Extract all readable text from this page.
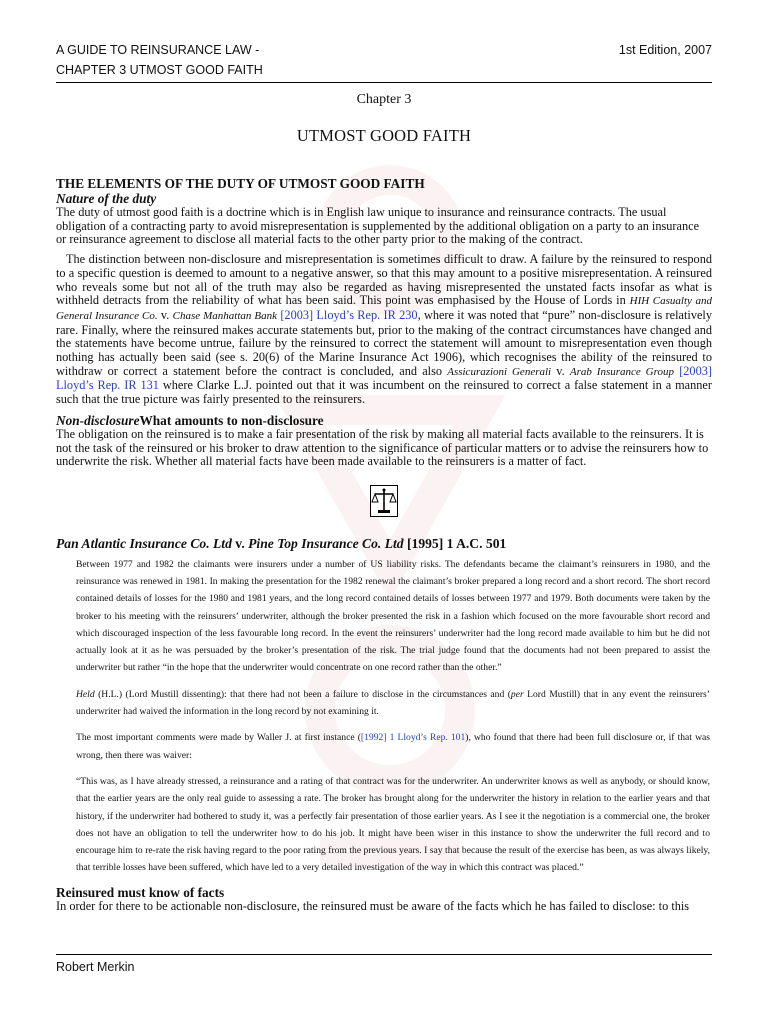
A GUIDE TO REINSURANCE LAW -
CHAPTER 3 UTMOST GOOD FAITH
1st Edition, 2007
Chapter 3
UTMOST GOOD FAITH
THE ELEMENTS OF THE DUTY OF UTMOST GOOD FAITH
Nature of the duty

The duty of utmost good faith is a doctrine which is in English law unique to insurance and reinsurance contracts. The usual obligation of a contracting party to avoid misrepresentation is supplemented by the additional obligation on a party to an insurance or reinsurance agreement to disclose all material facts to the other party prior to the making of the contract.

The distinction between non-disclosure and misrepresentation is sometimes difficult to draw. A failure by the reinsured to respond to a specific question is deemed to amount to a negative answer, so that this may amount to a positive misrepresentation. A reinsured who reveals some but not all of the truth may also be regarded as having misrepresented the unstated facts insofar as what is withheld detracts from the reliability of what has been said. This point was emphasised by the House of Lords in HIH Casualty and General Insurance Co. v. Chase Manhattan Bank [2003] Lloyd’s Rep. IR 230, where it was noted that “pure” non-disclosure is relatively rare. Finally, where the reinsured makes accurate statements but, prior to the making of the contract circumstances have changed and the statements have become untrue, failure by the reinsured to correct the statement will amount to misrepresentation even though nothing has actually been said (see s. 20(6) of the Marine Insurance Act 1906), which recognises the ability of the reinsured to withdraw or correct a statement before the contract is concluded, and also Assicurazioni Generali v. Arab Insurance Group [2003] Lloyd’s Rep. IR 131 where Clarke L.J. pointed out that it was incumbent on the reinsured to correct a false statement in a manner such that the true picture was fairly presented to the reinsurers.

Non-disclosureWhat amounts to non-disclosure

The obligation on the reinsured is to make a fair presentation of the risk by making all material facts available to the reinsurers. It is not the task of the reinsured or his broker to draw attention to the significance of particular matters or to advise the reinsurers how to underwrite the risk. Whether all material facts have been made available to the reinsurers is a matter of fact.

Pan Atlantic Insurance Co. Ltd v. Pine Top Insurance Co. Ltd [1995] 1 A.C. 501

Between 1977 and 1982 the claimants were insurers under a number of US liability risks. The defendants became the claimant’s reinsurers in 1980, and the reinsurance was renewed in 1981. In making the presentation for the 1982 renewal the claimant’s broker prepared a long record and a short record. The short record contained details of losses for the 1980 and 1981 years, and the long record contained details of losses between 1977 and 1979. Both documents were taken by the broker to his meeting with the reinsurers’ underwriter, although the broker presented the risk in a fashion which focused on the more favourable short record and which discouraged inspection of the less favourable long record. In the event the reinsurers’ underwriter had the long record made available to him but he did not actually look at it as he was persuaded by the broker’s presentation of the risk. The trial judge found that the documents had not been prepared to assist the underwriter but rather “in the hope that the underwriter would concentrate on one record rather than the other.”

Held (H.L.) (Lord Mustill dissenting): that there had not been a failure to disclose in the circumstances and (per Lord Mustill) that in any event the reinsurers’ underwriter had waived the information in the long record by not examining it.

The most important comments were made by Waller J. at first instance ([1992] 1 Lloyd’s Rep. 101), who found that there had been full disclosure or, if that was wrong, then there was waiver:

“This was, as I have already stressed, a reinsurance and a rating of that contract was for the underwriter. An underwriter knows as well as anybody, or should know, that the earlier years are the only real guide to assessing a rate. The broker has brought along for the underwriter the history in relation to the earlier years and that history, if the underwriter had bothered to study it, was a perfectly fair presentation of those earlier years. As I see it the negotiation is a commercial one, the broker does not have an obligation to tell the underwriter how to do his job. It might have been wiser in this instance to show the underwriter the full record and to encourage him to re-rate the risk having regard to the poor rating from the previous years. I say that because the result of the exercise has been, as was always likely, that terrible losses have been suffered, which have led to a very detailed investigation of the way in which this contract was placed.”

Reinsured must know of facts

In order for there to be actionable non-disclosure, the reinsured must be aware of the facts which he has failed to disclose: to this

Robert Merkin
